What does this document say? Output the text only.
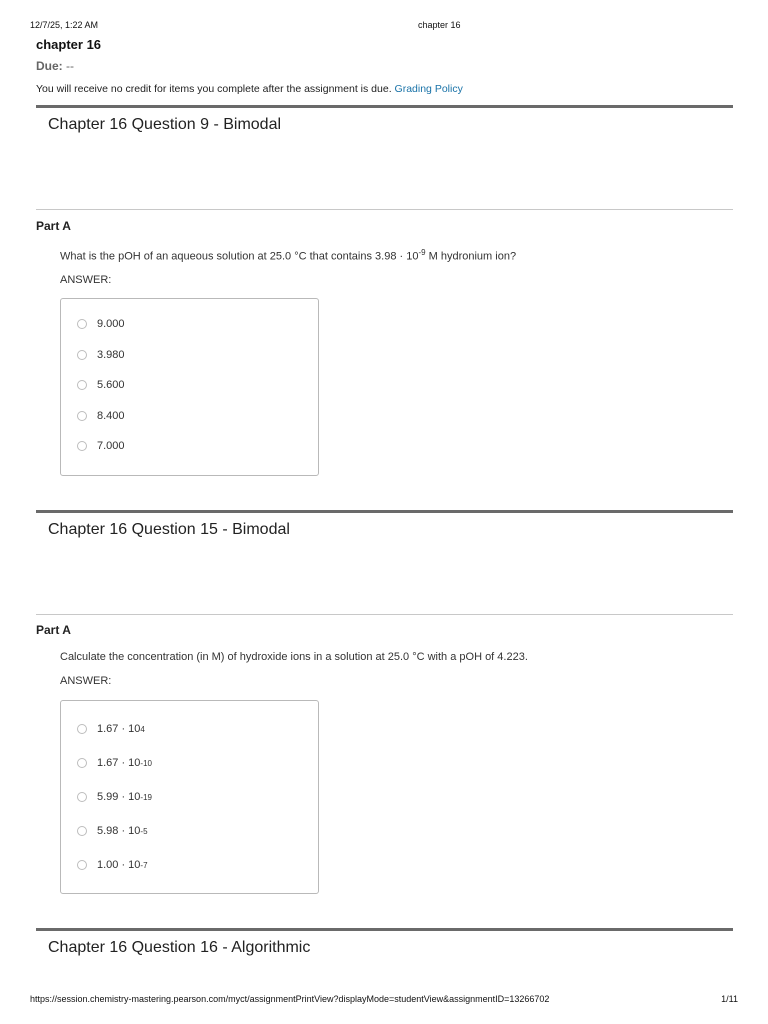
12/7/25, 1:22 AM	chapter 16
chapter 16
Due: --
You will receive no credit for items you complete after the assignment is due. Grading Policy
Chapter 16 Question 9 - Bimodal
Part A
What is the pOH of an aqueous solution at 25.0 °C that contains $3.98 \cdot 10^{-9}$ M hydronium ion?
ANSWER:
9.000
3.980
5.600
8.400
7.000
Chapter 16 Question 15 - Bimodal
Part A
Calculate the concentration (in M) of hydroxide ions in a solution at 25.0 °C with a pOH of 4.223.
ANSWER:
1.67 · 10 4
1.67 · 10 -10
5.99 · 10 -19
5.98 · 10 -5
1.00 · 10 -7
Chapter 16 Question 16 - Algorithmic
https://session.chemistry-mastering.pearson.com/myct/assignmentPrintView?displayMode=studentView&assignmentID=13266702	1/11
